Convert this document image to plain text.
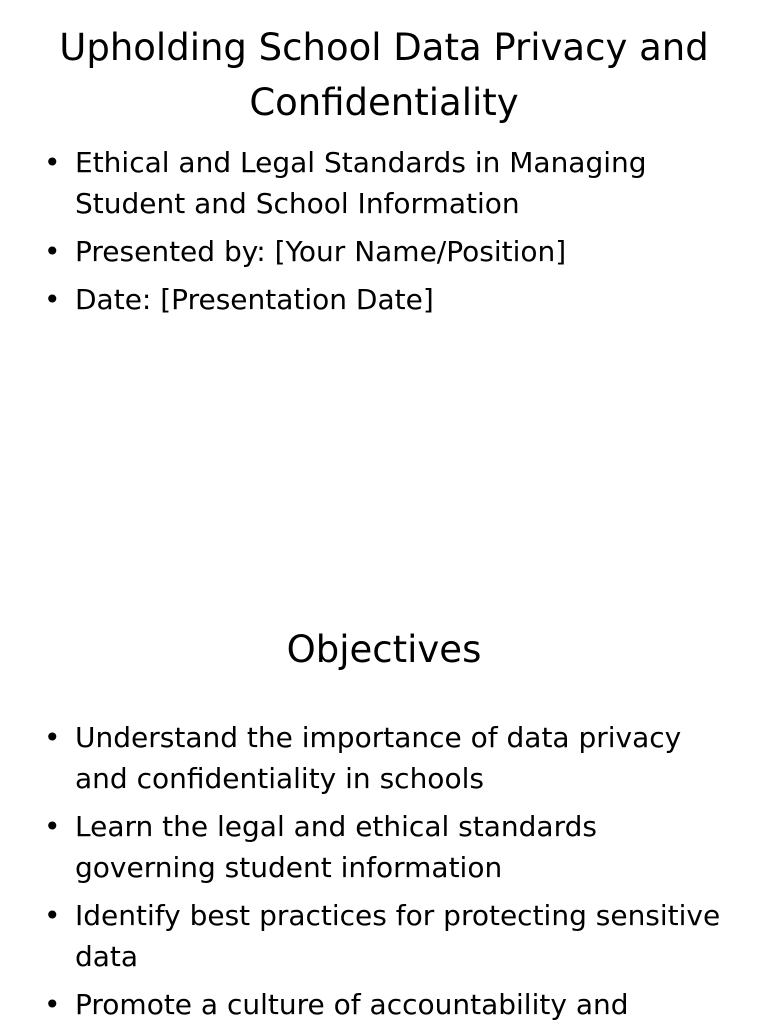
Upholding School Data Privacy and Confidentiality
• Ethical and Legal Standards in Managing Student and School Information
• Presented by: [Your Name/Position]
• Date: [Presentation Date]
Objectives
• Understand the importance of data privacy and confidentiality in schools
• Learn the legal and ethical standards governing student information
• Identify best practices for protecting sensitive data
• Promote a culture of accountability and
